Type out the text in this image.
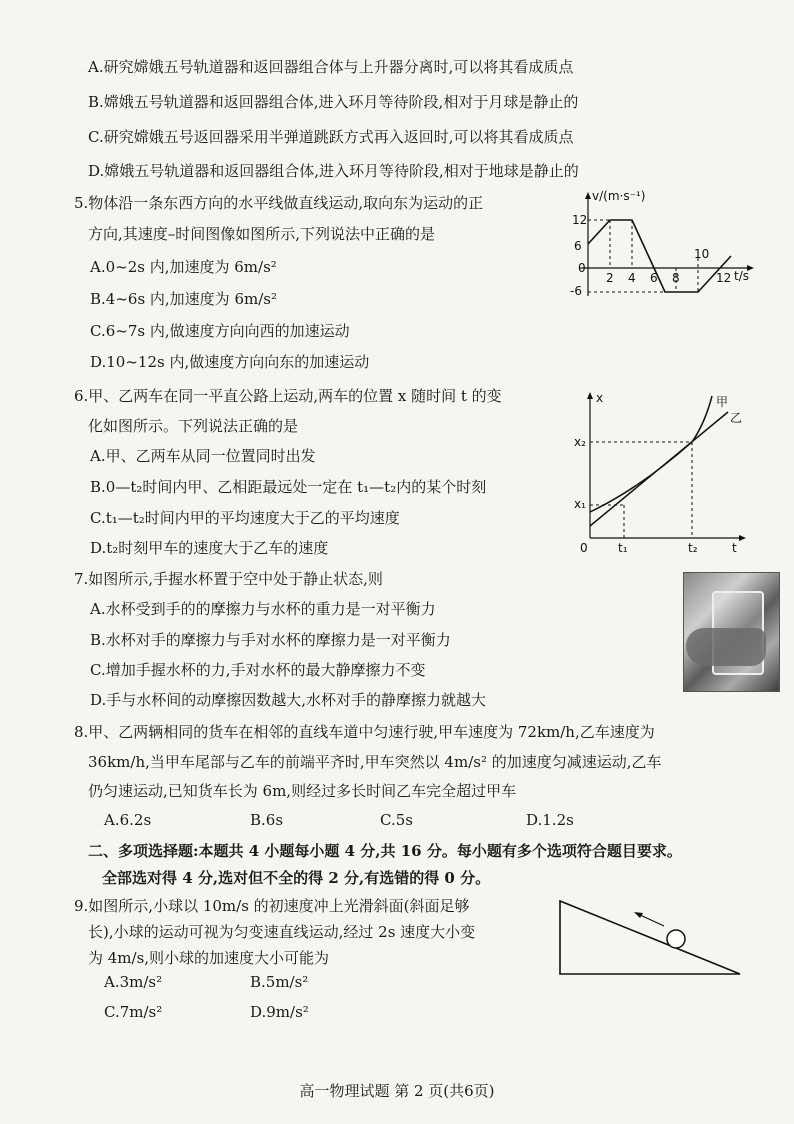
A.研究嫦娥五号轨道器和返回器组合体与上升器分离时,可以将其看成质点
B.嫦娥五号轨道器和返回器组合体,进入环月等待阶段,相对于月球是静止的
C.研究嫦娥五号返回器采用半弹道跳跃方式再入返回时,可以将其看成质点
D.嫦娥五号轨道器和返回器组合体,进入环月等待阶段,相对于地球是静止的
5.物体沿一条东西方向的水平线做直线运动,取向东为运动的正
方向,其速度–时间图像如图所示,下列说法中正确的是
A.0~2s 内,加速度为 6m/s²
B.4~6s 内,加速度为 6m/s²
C.6~7s 内,做速度方向向西的加速运动
D.10~12s 内,做速度方向向东的加速运动
v/(m·s⁻¹)
t/s
12
6
0
-6
2 4 6 8
10
12
6.甲、乙两车在同一平直公路上运动,两车的位置 x 随时间 t 的变
化如图所示。下列说法正确的是
A.甲、乙两车从同一位置同时出发
B.0—t₂时间内甲、乙相距最远处一定在 t₁—t₂内的某个时刻
C.t₁—t₂时间内甲的平均速度大于乙的平均速度
D.t₂时刻甲车的速度大于乙车的速度
x
t
0
x₁
x₂
t₁	t₂
甲
乙
7.如图所示,手握水杯置于空中处于静止状态,则
A.水杯受到手的的摩擦力与水杯的重力是一对平衡力
B.水杯对手的摩擦力与手对水杯的摩擦力是一对平衡力
C.增加手握水杯的力,手对水杯的最大静摩擦力不变
D.手与水杯间的动摩擦因数越大,水杯对手的静摩擦力就越大
8.甲、乙两辆相同的货车在相邻的直线车道中匀速行驶,甲车速度为 72km/h,乙车速度为
36km/h,当甲车尾部与乙车的前端平齐时,甲车突然以 4m/s² 的加速度匀减速运动,乙车
仍匀速运动,已知货车长为 6m,则经过多长时间乙车完全超过甲车
A.6.2s	B.6s	C.5s	D.1.2s
二、多项选择题:本题共 4 小题每小题 4 分,共 16 分。每小题有多个选项符合题目要求。
全部选对得 4 分,选对但不全的得 2 分,有选错的得 0 分。
9.如图所示,小球以 10m/s 的初速度冲上光滑斜面(斜面足够
长),小球的运动可视为匀变速直线运动,经过 2s 速度大小变
为 4m/s,则小球的加速度大小可能为
A.3m/s²	B.5m/s²
C.7m/s²	D.9m/s²
高一物理试题 第 2 页(共6页)
